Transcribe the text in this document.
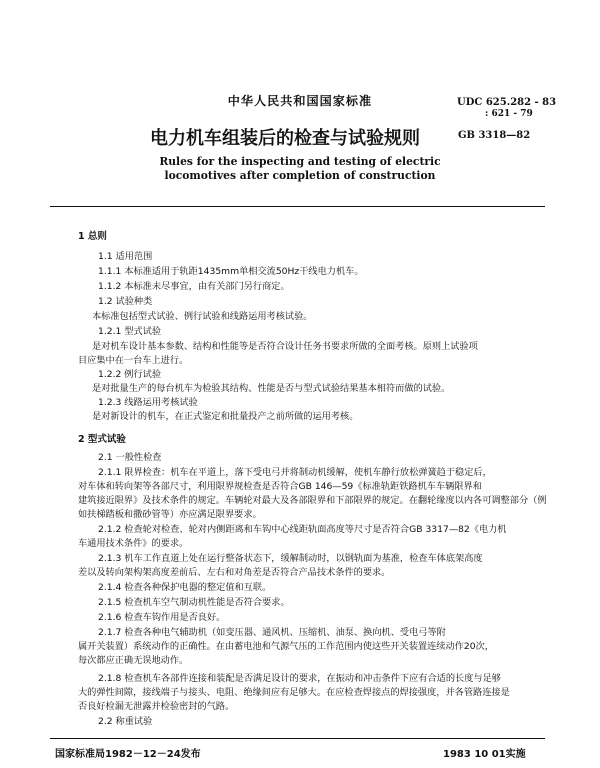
中华人民共和国国家标准	UDC 625.282 - 83
: 621 - 79
电力机车组装后的检查与试验规则	GB 3318—82
Rules for the inspecting and testing of electric
locomotives after completion of construction
1 总则
1.1 适用范围
1.1.1 本标准适用于轨距1435mm单相交流50Hz干线电力机车。
1.1.2 本标准未尽事宜，由有关部门另行商定。
1.2 试验种类
本标准包括型式试验、例行试验和线路运用考核试验。
1.2.1 型式试验
是对机车设计基本参数、结构和性能等是否符合设计任务书要求所做的全面考核。原则上试验项
目应集中在一台车上进行。
1.2.2 例行试验
是对批量生产的每台机车为检验其结构、性能是否与型式试验结果基本相符而做的试验。
1.2.3 线路运用考核试验
是对新设计的机车，在正式鉴定和批量投产之前所做的运用考核。
2 型式试验
2.1 一般性检查
2.1.1 限界检查：机车在平道上，落下受电弓并将制动机缓解，使机车静行放松弹簧趋于稳定后，
对车体和转向架等各部尺寸，利用限界规检查是否符合GB 146—59《标准轨距铁路机车车辆限界和
建筑接近限界》及技术条件的规定。车辆轮对最大及各部限界和下部限界的规定。在翻轮缘度以内各可调整部分（例
如扶梯踏板和撒砂管等）亦应满足限界要求。
2.1.2 检查轮对检查、轮对内侧距离和车钩中心线距轨面高度等尺寸是否符合GB 3317—82《电力机
车通用技术条件》的要求。
2.1.3 机车工作直道上处在运行整备状态下，缓解制动时，以钢轨面为基准，检查车体底架高度
差以及转向架构架高度差前后、左右和对角差是否符合产品技术条件的要求。
2.1.4 检查各种保护电器的整定值和互联。
2.1.5 检查机车空气制动机性能是否符合要求。
2.1.6 检查车钩作用是否良好。
2.1.7 检查各种电气辅助机（如变压器、通风机、压缩机、油泵、换向机、受电弓等附
属开关装置）系统动作的正确性。在由蓄电池和气源气压的工作范围内使这些开关装置连续动作20次，
每次都应正确无误地动作。
2.1.8 检查机车各部件连接和装配是否满足设计的要求，在振动和冲击条件下应有合适的长度与足够
大的弹性间隙，接线端子与接头、电阻、绝缘间应有足够大。在应检查焊接点的焊接强度，并各管路连接是
否良好检漏无泄露并检验密封的气路。
2.2 称重试验
国家标准局1982－12－24发布	1983 10 01实施
